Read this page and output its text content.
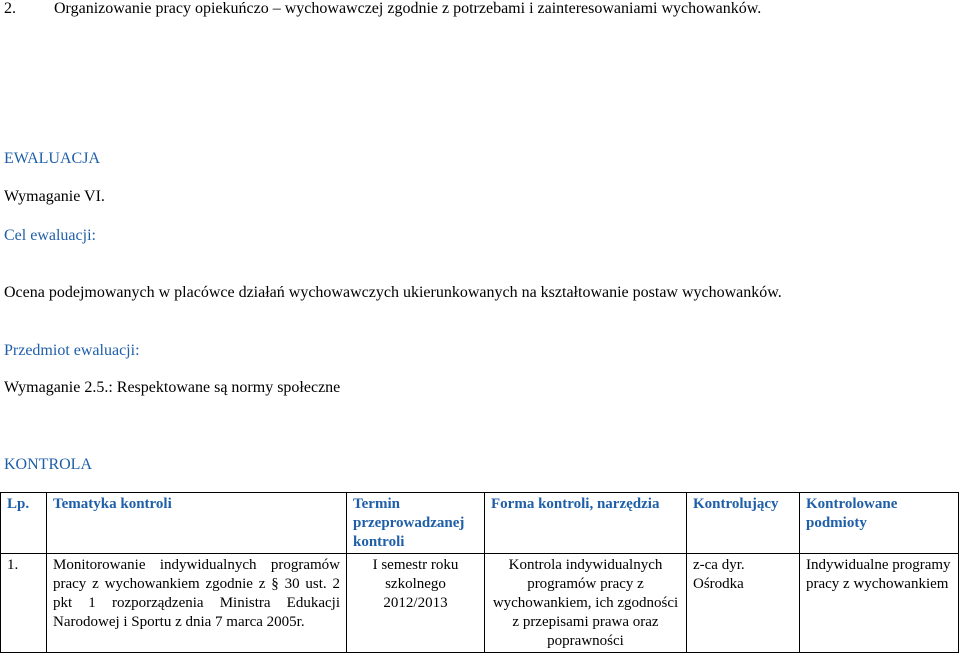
2. Organizowanie pracy opiekuńczo – wychowawczej zgodnie z potrzebami i zainteresowaniami wychowanków.
EWALUACJA
Wymaganie VI.
Cel ewaluacji:
Ocena podejmowanych w placówce działań wychowawczych ukierunkowanych na kształtowanie postaw wychowanków.
Przedmiot ewaluacji:
Wymaganie 2.5.: Respektowane są normy społeczne
KONTROLA
Lp.	Tematyka kontroli	Termin przeprowadzanej kontroli	Forma kontroli, narzędzia	Kontrolujący	Kontrolowane podmioty
1.	Monitorowanie indywidualnych programów pracy z wychowankiem zgodnie z § 30 ust. 2 pkt 1 rozporządzenia Ministra Edukacji Narodowej i Sportu z dnia 7 marca 2005r.	I semestr roku szkolnego 2012/2013	Kontrola indywidualnych programów pracy z wychowankiem, ich zgodności z przepisami prawa oraz poprawności	z-ca dyr. Ośrodka	Indywidualne programy pracy z wychowankiem
